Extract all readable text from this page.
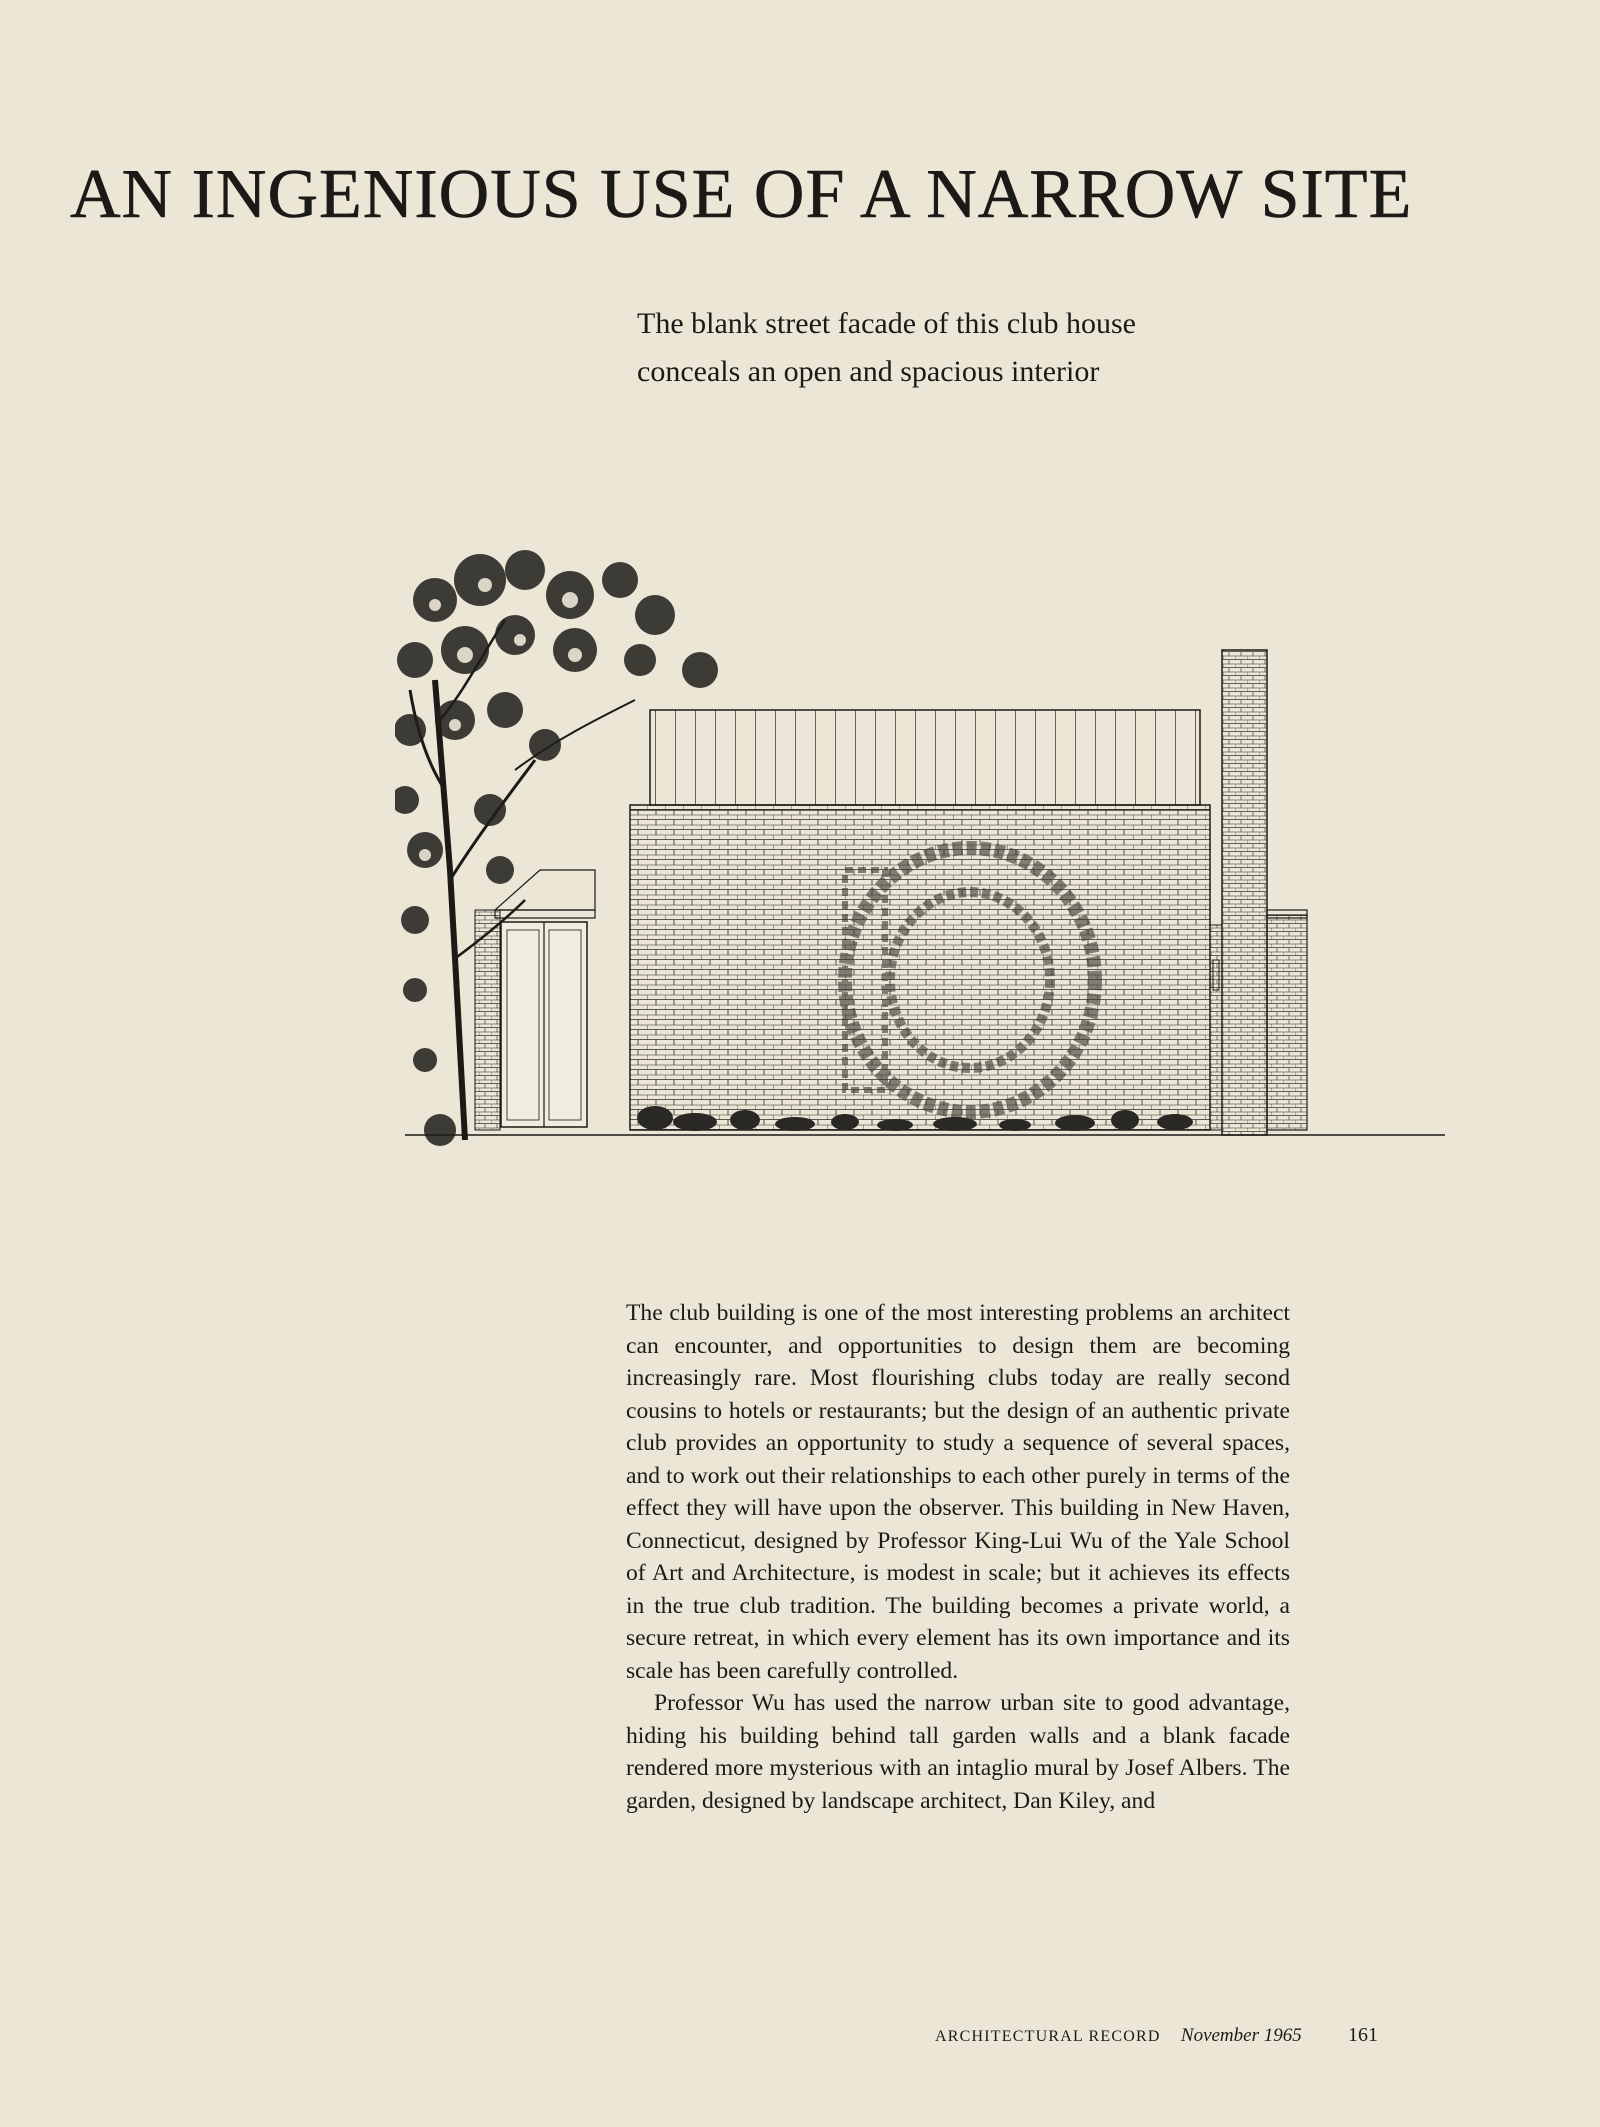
AN INGENIOUS USE OF A NARROW SITE
The blank street facade of this club house
conceals an open and spacious interior

The club building is one of the most interesting problems an architect can encounter, and opportunities to design them are becoming increasingly rare. Most flourishing clubs today are really second cousins to hotels or restaurants; but the design of an authentic private club provides an opportunity to study a sequence of several spaces, and to work out their relationships to each other purely in terms of the effect they will have upon the observer. This building in New Haven, Connecticut, designed by Professor King-Lui Wu of the Yale School of Art and Architecture, is modest in scale; but it achieves its effects in the true club tradition. The building becomes a private world, a secure retreat, in which every element has its own importance and its scale has been carefully controlled.

Professor Wu has used the narrow urban site to good advantage, hiding his building behind tall garden walls and a blank facade rendered more mysterious with an intaglio mural by Josef Albers. The garden, designed by landscape architect, Dan Kiley, and

ARCHITECTURAL RECORD November 1965 161
